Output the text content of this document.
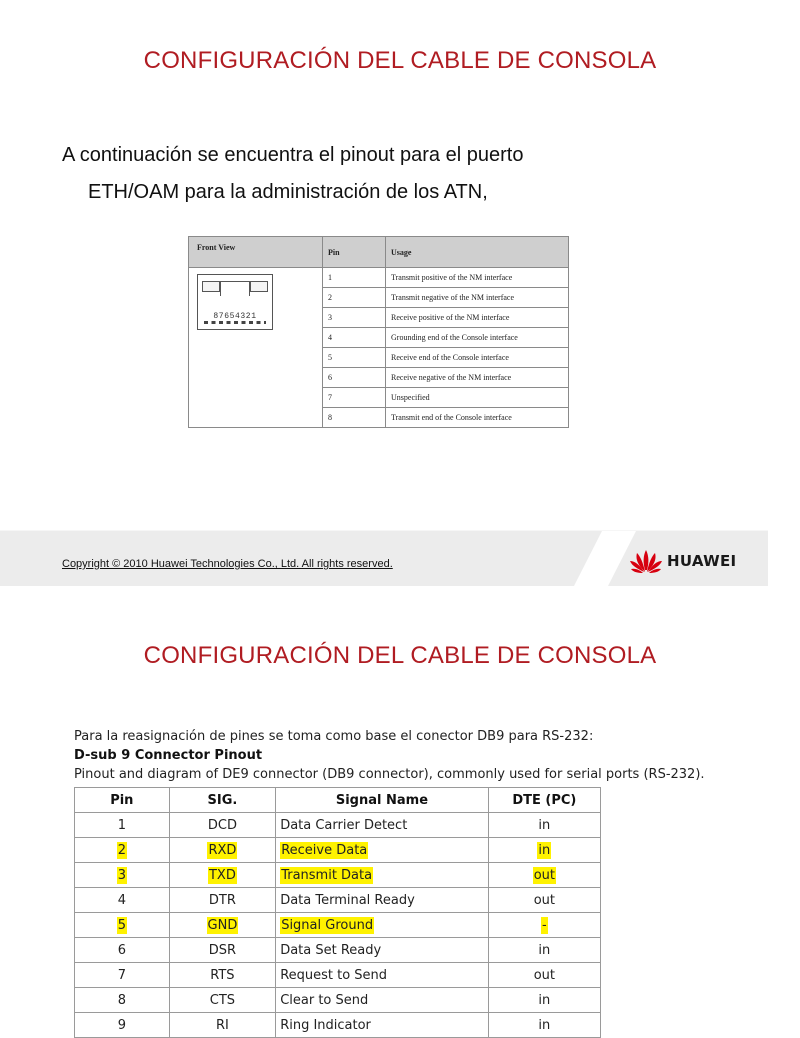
CONFIGURACIÓN DEL CABLE DE CONSOLA
A continuación se encuentra el pinout para el puerto
ETH/OAM para la administración de los ATN,
Front View	Pin	Usage

87654321	1	Transmit positive of the NM interface
	2	Transmit negative of the NM interface
	3	Receive positive of the NM interface
	4	Grounding end of the Console interface
	5	Receive end of the Console interface
	6	Receive negative of the NM interface
	7	Unspecified
	8	Transmit end of the Console interface
Copyright © 2010 Huawei Technologies Co., Ltd. All rights reserved.	HUAWEI
CONFIGURACIÓN DEL CABLE DE CONSOLA
Para la reasignación de pines se toma como base el conector DB9 para RS-232:
D-sub 9 Connector Pinout
Pinout and diagram of DE9 connector (DB9 connector), commonly used for serial ports (RS-232).
Pin	SIG.	Signal Name	DTE (PC)
1	DCD	Data Carrier Detect	in
2	RXD	Receive Data	in
3	TXD	Transmit Data	out
4	DTR	Data Terminal Ready	out
5	GND	Signal Ground	-
6	DSR	Data Set Ready	in
7	RTS	Request to Send	out
8	CTS	Clear to Send	in
9	RI	Ring Indicator	in
